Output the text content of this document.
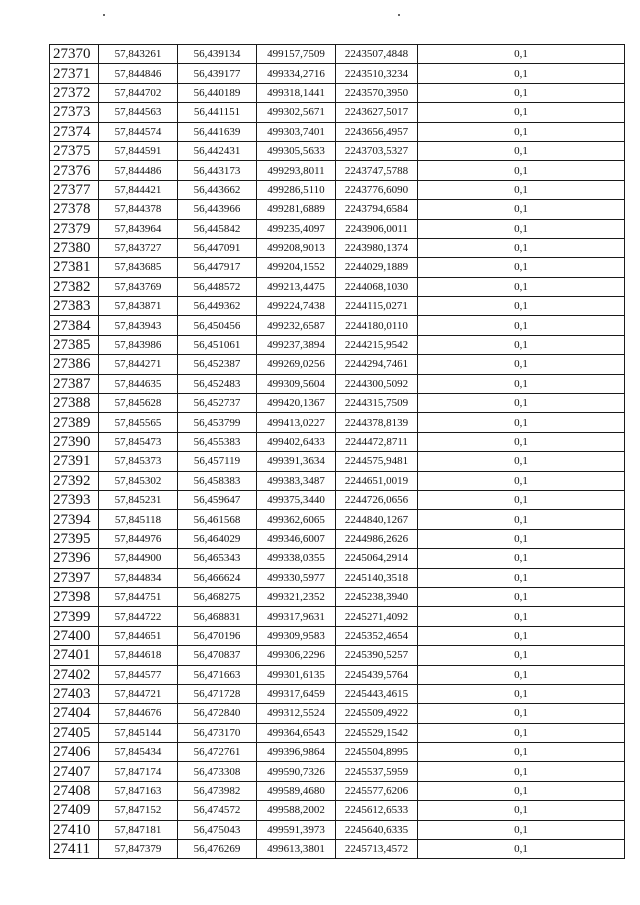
27370	57,843261	56,439134	499157,7509	2243507,4848	0,1
27371	57,844846	56,439177	499334,2716	2243510,3234	0,1
27372	57,844702	56,440189	499318,1441	2243570,3950	0,1
27373	57,844563	56,441151	499302,5671	2243627,5017	0,1
27374	57,844574	56,441639	499303,7401	2243656,4957	0,1
27375	57,844591	56,442431	499305,5633	2243703,5327	0,1
27376	57,844486	56,443173	499293,8011	2243747,5788	0,1
27377	57,844421	56,443662	499286,5110	2243776,6090	0,1
27378	57,844378	56,443966	499281,6889	2243794,6584	0,1
27379	57,843964	56,445842	499235,4097	2243906,0011	0,1
27380	57,843727	56,447091	499208,9013	2243980,1374	0,1
27381	57,843685	56,447917	499204,1552	2244029,1889	0,1
27382	57,843769	56,448572	499213,4475	2244068,1030	0,1
27383	57,843871	56,449362	499224,7438	2244115,0271	0,1
27384	57,843943	56,450456	499232,6587	2244180,0110	0,1
27385	57,843986	56,451061	499237,3894	2244215,9542	0,1
27386	57,844271	56,452387	499269,0256	2244294,7461	0,1
27387	57,844635	56,452483	499309,5604	2244300,5092	0,1
27388	57,845628	56,452737	499420,1367	2244315,7509	0,1
27389	57,845565	56,453799	499413,0227	2244378,8139	0,1
27390	57,845473	56,455383	499402,6433	2244472,8711	0,1
27391	57,845373	56,457119	499391,3634	2244575,9481	0,1
27392	57,845302	56,458383	499383,3487	2244651,0019	0,1
27393	57,845231	56,459647	499375,3440	2244726,0656	0,1
27394	57,845118	56,461568	499362,6065	2244840,1267	0,1
27395	57,844976	56,464029	499346,6007	2244986,2626	0,1
27396	57,844900	56,465343	499338,0355	2245064,2914	0,1
27397	57,844834	56,466624	499330,5977	2245140,3518	0,1
27398	57,844751	56,468275	499321,2352	2245238,3940	0,1
27399	57,844722	56,468831	499317,9631	2245271,4092	0,1
27400	57,844651	56,470196	499309,9583	2245352,4654	0,1
27401	57,844618	56,470837	499306,2296	2245390,5257	0,1
27402	57,844577	56,471663	499301,6135	2245439,5764	0,1
27403	57,844721	56,471728	499317,6459	2245443,4615	0,1
27404	57,844676	56,472840	499312,5524	2245509,4922	0,1
27405	57,845144	56,473170	499364,6543	2245529,1542	0,1
27406	57,845434	56,472761	499396,9864	2245504,8995	0,1
27407	57,847174	56,473308	499590,7326	2245537,5959	0,1
27408	57,847163	56,473982	499589,4680	2245577,6206	0,1
27409	57,847152	56,474572	499588,2002	2245612,6533	0,1
27410	57,847181	56,475043	499591,3973	2245640,6335	0,1
27411	57,847379	56,476269	499613,3801	2245713,4572	0,1
